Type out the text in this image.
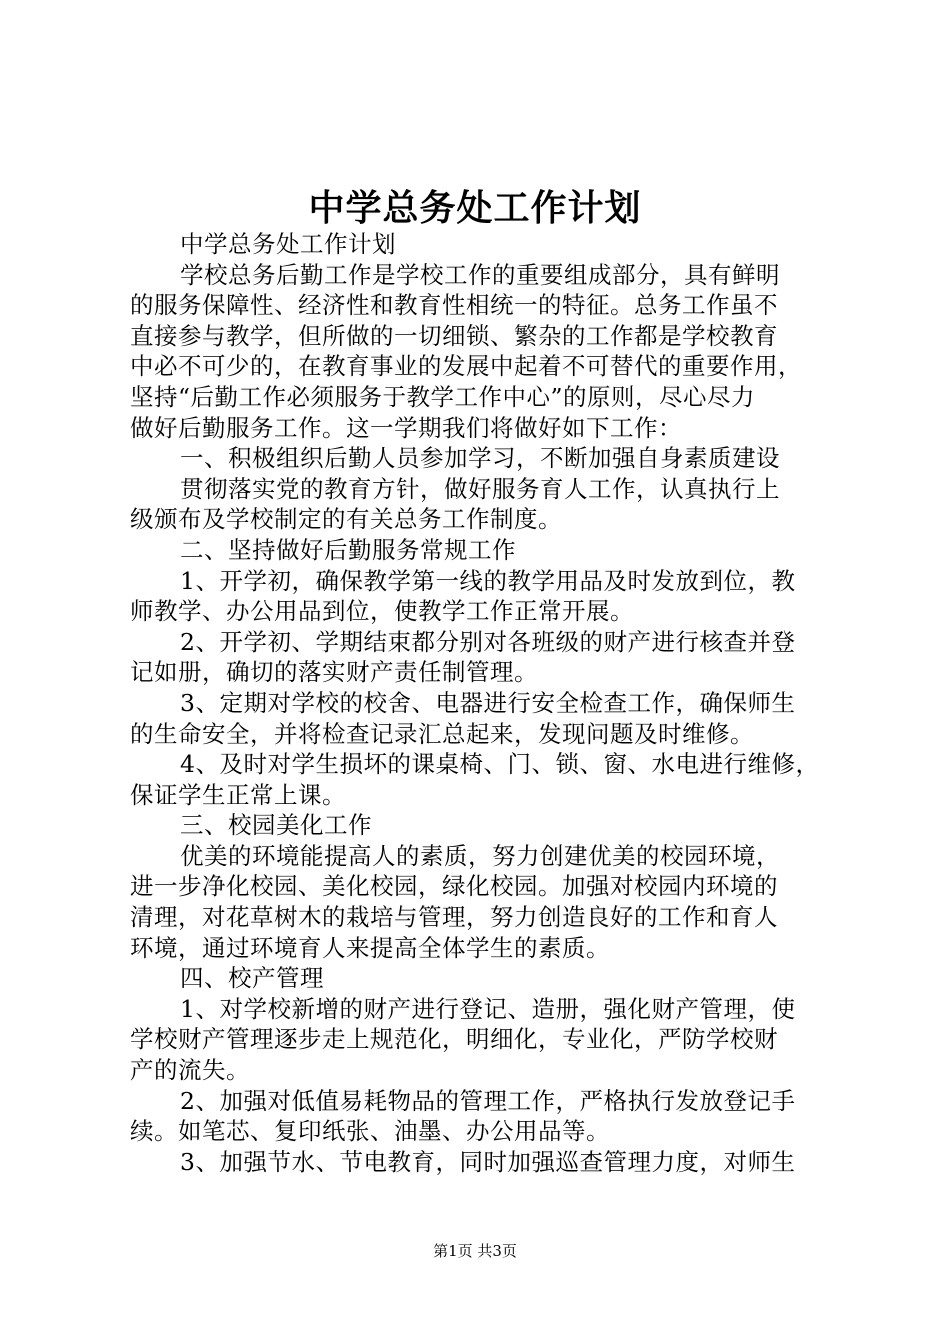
中学总务处工作计划
中学总务处工作计划
学校总务后勤工作是学校工作的重要组成部分，具有鲜明
的服务保障性、经济性和教育性相统一的特征。总务工作虽不
直接参与教学，但所做的一切细锁、繁杂的工作都是学校教育
中必不可少的，在教育事业的发展中起着不可替代的重要作用，
坚持“后勤工作必须服务于教学工作中心”的原则，尽心尽力
做好后勤服务工作。这一学期我们将做好如下工作：
一、积极组织后勤人员参加学习，不断加强自身素质建设
贯彻落实党的教育方针，做好服务育人工作，认真执行上
级颁布及学校制定的有关总务工作制度。
二、坚持做好后勤服务常规工作
1、开学初，确保教学第一线的教学用品及时发放到位，教
师教学、办公用品到位，使教学工作正常开展。
2、开学初、学期结束都分别对各班级的财产进行核查并登
记如册，确切的落实财产责任制管理。
3、定期对学校的校舍、电器进行安全检查工作，确保师生
的生命安全，并将检查记录汇总起来，发现问题及时维修。
4、及时对学生损坏的课桌椅、门、锁、窗、水电进行维修，
保证学生正常上课。
三、校园美化工作
优美的环境能提高人的素质，努力创建优美的校园环境，
进一步净化校园、美化校园，绿化校园。加强对校园内环境的
清理，对花草树木的栽培与管理，努力创造良好的工作和育人
环境，通过环境育人来提高全体学生的素质。
四、校产管理
1、对学校新增的财产进行登记、造册，强化财产管理，使
学校财产管理逐步走上规范化，明细化，专业化，严防学校财
产的流失。
2、加强对低值易耗物品的管理工作，严格执行发放登记手
续。如笔芯、复印纸张、油墨、办公用品等。
3、加强节水、节电教育，同时加强巡查管理力度，对师生
第1页 共3页
